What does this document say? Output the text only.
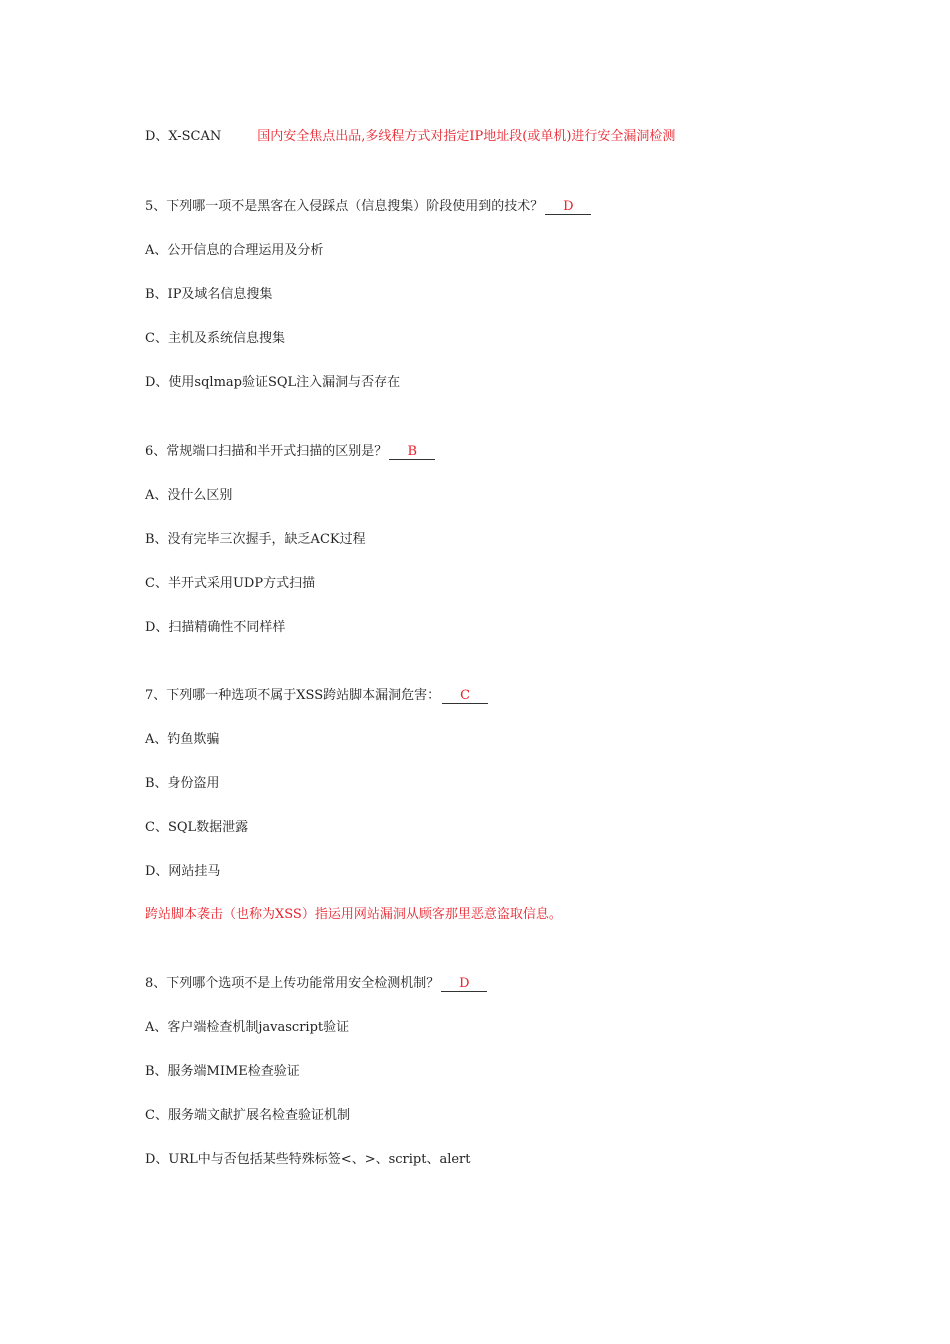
D、X-SCAN	国内安全焦点出品,多线程方式对指定IP地址段(或单机)进行安全漏洞检测
5、下列哪一项不是黑客在入侵踩点（信息搜集）阶段使用到的技术？ D
A、公开信息的合理运用及分析
B、IP及域名信息搜集
C、主机及系统信息搜集
D、使用sqlmap验证SQL注入漏洞与否存在
6、常规端口扫描和半开式扫描的区别是？ B
A、没什么区别
B、没有完毕三次握手，缺乏ACK过程
C、半开式采用UDP方式扫描
D、扫描精确性不同样样
7、下列哪一种选项不属于XSS跨站脚本漏洞危害： C
A、钓鱼欺骗
B、身份盗用
C、SQL数据泄露
D、网站挂马
跨站脚本袭击（也称为XSS）指运用网站漏洞从顾客那里恶意盗取信息。
8、下列哪个选项不是上传功能常用安全检测机制？ D
A、客户端检查机制javascript验证
B、服务端MIME检查验证
C、服务端文献扩展名检查验证机制
D、URL中与否包括某些特殊标签<、>、script、alert
